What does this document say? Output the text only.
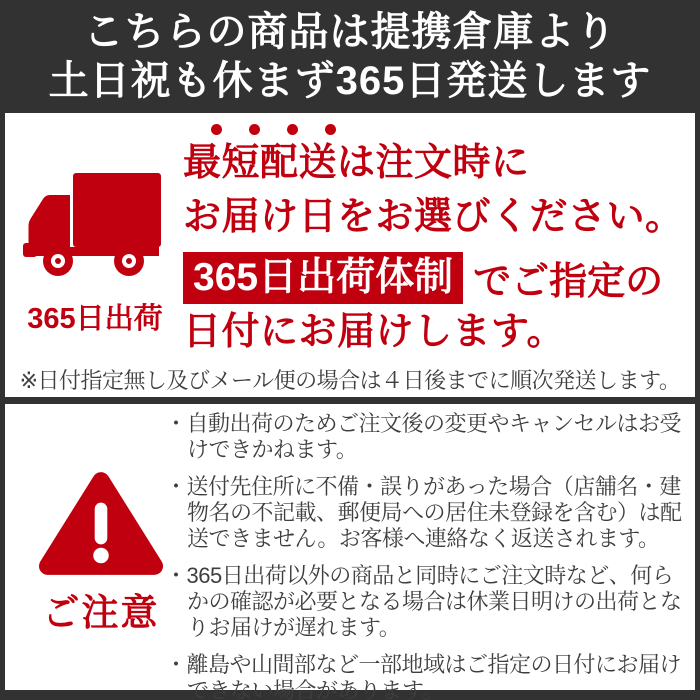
こちらの商品は提携倉庫より
土日祝も休まず365日発送します
365日出荷
最短配送は注文時に
お届け日をお選びください。
365日出荷体制 でご指定の
日付にお届けします。
※日付指定無し及びメール便の場合は４日後までに順次発送します。
ご注意
・自動出荷のためご注文後の変更やキャンセルはお受けできかねます。
・送付先住所に不備・誤りがあった場合（店舗名・建物名の不記載、郵便局への居住未登録を含む）は配送できません。お客様へ連絡なく返送されます。
・365日出荷以外の商品と同時にご注文時など、何らかの確認が必要となる場合は休業日明けの出荷となりお届けが遅れます。
・離島や山間部など一部地域はご指定の日付にお届けできない場合があります。
